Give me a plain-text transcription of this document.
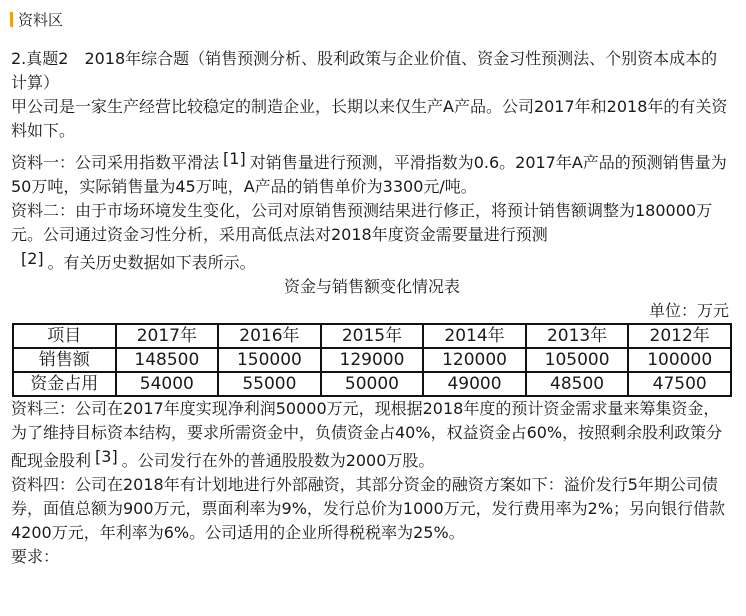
资料区

2.真题2　2018年综合题（销售预测分析、股利政策与企业价值、资金习性预测法、个别资本成本的计算）

甲公司是一家生产经营比较稳定的制造企业，长期以来仅生产A产品。公司2017年和2018年的有关资料如下。

资料一：公司采用指数平滑法 [1] 对销售量进行预测，平滑指数为0.6。2017年A产品的预测销售量为50万吨，实际销售量为45万吨，A产品的销售单价为3300元/吨。

资料二：由于市场环境发生变化，公司对原销售预测结果进行修正，将预计销售额调整为180000万元。公司通过资金习性分析，采用高低点法对2018年度资金需要量进行预测
[2] 。有关历史数据如下表所示。

资金与销售额变化情况表

单位：万元

项目	2017年	2016年	2015年	2014年	2013年	2012年
销售额	148500	150000	129000	120000	105000	100000
资金占用	54000	55000	50000	49000	48500	47500

资料三：公司在2017年度实现净利润50000万元，现根据2018年度的预计资金需求量来筹集资金，为了维持目标资本结构，要求所需资金中，负债资金占40%，权益资金占60%，按照剩余股利政策分配现金股利 [3] 。公司发行在外的普通股股数为2000万股。

资料四：公司在2018年有计划地进行外部融资，其部分资金的融资方案如下：溢价发行5年期公司债券，面值总额为900万元，票面利率为9%，发行总价为1000万元，发行费用率为2%；另向银行借款4200万元，年利率为6%。公司适用的企业所得税税率为25%。

要求：
